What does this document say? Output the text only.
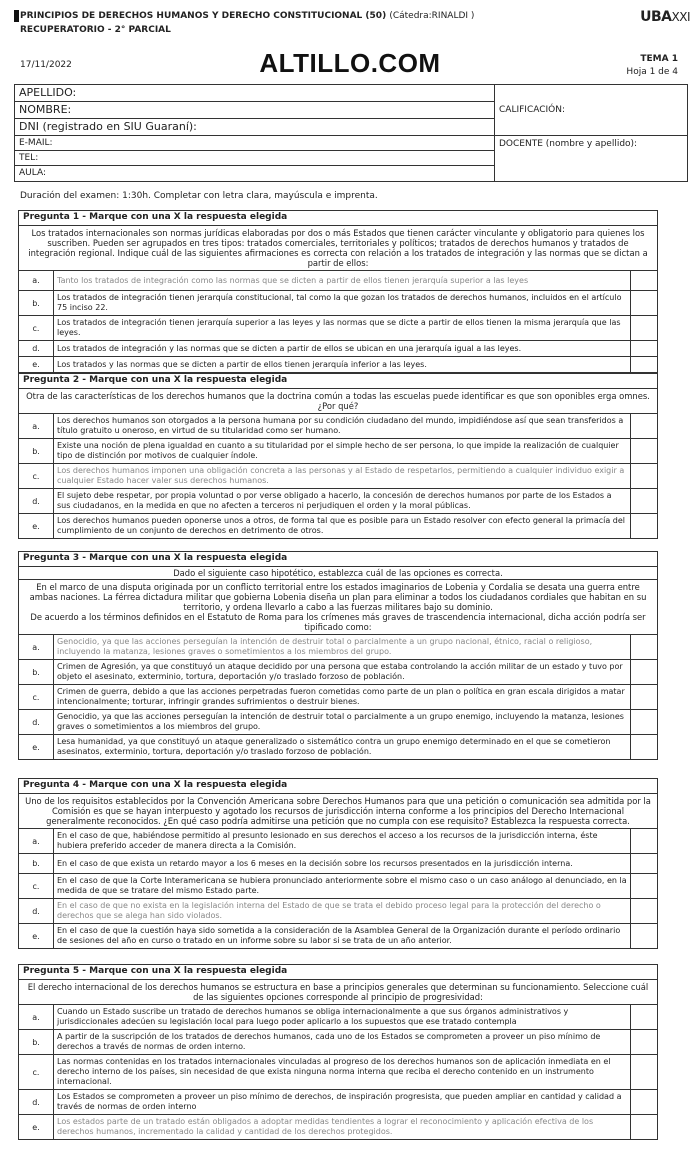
PRINCIPIOS DE DERECHOS HUMANOS Y DERECHO CONSTITUCIONAL (50) (Cátedra:RINALDI )
RECUPERATORIO - 2° PARCIAL
UBAXXI
17/11/2022	ALTILLO.COM	TEMA 1
Hoja 1 de 4
APELLIDO:
NOMBRE:
DNI (registrado en SIU Guaraní):
E-MAIL:
TEL:
AULA:
CALIFICACIÓN:
DOCENTE (nombre y apellido):
Duración del examen: 1:30h. Completar con letra clara, mayúscula e imprenta.
Pregunta 1 - Marque con una X la respuesta elegida
Los tratados internacionales son normas jurídicas elaboradas por dos o más Estados que tienen carácter vinculante y obligatorio para quienes los suscriben. Pueden ser agrupados en tres tipos: tratados comerciales, territoriales y políticos; tratados de derechos humanos y tratados de integración regional. Indique cuál de las siguientes afirmaciones es correcta con relación a los tratados de integración y las normas que se dictan a partir de ellos:
a.	Tanto los tratados de integración como las normas que se dicten a partir de ellos tienen jerarquía superior a las leyes
b.
Los tratados de integración tienen jerarquía constitucional, tal como la que gozan los tratados de derechos humanos, incluidos en el artículo 75 inciso 22.
c.
Los tratados de integración tienen jerarquía superior a las leyes y las normas que se dicte a partir de ellos tienen la misma jerarquía que las leyes.
d.	Los tratados de integración y las normas que se dicten a partir de ellos se ubican en una jerarquía igual a las leyes.
e.	Los tratados y las normas que se dicten a partir de ellos tienen jerarquía inferior a las leyes.
Pregunta 2 - Marque con una X la respuesta elegida
Otra de las características de los derechos humanos que la doctrina común a todas las escuelas puede identificar es que son oponibles erga omnes. ¿Por qué?
a.
Los derechos humanos son otorgados a la persona humana por su condición ciudadano del mundo, impidiéndose así que sean transferidos a título gratuito u oneroso, en virtud de su titularidad como ser humano.
b.
Existe una noción de plena igualdad en cuanto a su titularidad por el simple hecho de ser persona, lo que impide la realización de cualquier tipo de distinción por motivos de cualquier índole.
c.
Los derechos humanos imponen una obligación concreta a las personas y al Estado de respetarlos, permitiendo a cualquier individuo exigir a cualquier Estado hacer valer sus derechos humanos.
d.
El sujeto debe respetar, por propia voluntad o por verse obligado a hacerlo, la concesión de derechos humanos por parte de los Estados a sus ciudadanos, en la medida en que no afecten a terceros ni perjudiquen el orden y la moral públicas.
e.
Los derechos humanos pueden oponerse unos a otros, de forma tal que es posible para un Estado resolver con efecto general la primacía del cumplimiento de un conjunto de derechos en detrimento de otros.
Pregunta 3 - Marque con una X la respuesta elegida
Dado el siguiente caso hipotético, establezca cuál de las opciones es correcta.
En el marco de una disputa originada por un conflicto territorial entre los estados imaginarios de Lobenia y Cordalia se desata una guerra entre ambas naciones. La férrea dictadura militar que gobierna Lobenia diseña un plan para eliminar a todos los ciudadanos cordiales que habitan en su territorio, y ordena llevarlo a cabo a las fuerzas militares bajo su dominio.
De acuerdo a los términos definidos en el Estatuto de Roma para los crímenes más graves de trascendencia internacional, dicha acción podría ser tipificado como:
a.
Genocidio, ya que las acciones perseguían la intención de destruir total o parcialmente a un grupo nacional, étnico, racial o religioso, incluyendo la matanza, lesiones graves o sometimientos a los miembros del grupo.
b.
Crimen de Agresión, ya que constituyó un ataque decidido por una persona que estaba controlando la acción militar de un estado y tuvo por objeto el asesinato, exterminio, tortura, deportación y/o traslado forzoso de población.
c.
Crimen de guerra, debido a que las acciones perpetradas fueron cometidas como parte de un plan o política en gran escala dirigidos a matar intencionalmente; torturar, infringir grandes sufrimientos o destruir bienes.
d.
Genocidio, ya que las acciones perseguían la intención de destruir total o parcialmente a un grupo enemigo, incluyendo la matanza, lesiones graves o sometimientos a los miembros del grupo.
e.
Lesa humanidad, ya que constituyó un ataque generalizado o sistemático contra un grupo enemigo determinado en el que se cometieron asesinatos, exterminio, tortura, deportación y/o traslado forzoso de población.
Pregunta 4 - Marque con una X la respuesta elegida
Uno de los requisitos establecidos por la Convención Americana sobre Derechos Humanos para que una petición o comunicación sea admitida por la Comisión es que se hayan interpuesto y agotado los recursos de jurisdicción interna conforme a los principios del Derecho Internacional generalmente reconocidos. ¿En qué caso podría admitirse una petición que no cumpla con ese requisito? Establezca la respuesta correcta.
a.
En el caso de que, habiéndose permitido al presunto lesionado en sus derechos el acceso a los recursos de la jurisdicción interna, éste hubiera preferido acceder de manera directa a la Comisión.
b.	En el caso de que exista un retardo mayor a los 6 meses en la decisión sobre los recursos presentados en la jurisdicción interna.
c.
En el caso de que la Corte Interamericana se hubiera pronunciado anteriormente sobre el mismo caso o un caso análogo al denunciado, en la medida de que se tratare del mismo Estado parte.
d.
En el caso de que no exista en la legislación interna del Estado de que se trata el debido proceso legal para la protección del derecho o derechos que se alega han sido violados.
e.
En el caso de que la cuestión haya sido sometida a la consideración de la Asamblea General de la Organización durante el período ordinario de sesiones del año en curso o tratado en un informe sobre su labor si se trata de un año anterior.
Pregunta 5 - Marque con una X la respuesta elegida
El derecho internacional de los derechos humanos se estructura en base a principios generales que determinan su funcionamiento. Seleccione cuál de las siguientes opciones corresponde al principio de progresividad:
a.
Cuando un Estado suscribe un tratado de derechos humanos se obliga internacionalmente a que sus órganos administrativos y jurisdiccionales adecúen su legislación local para luego poder aplicarlo a los supuestos que ese tratado contempla
b.
A partir de la suscripción de los tratados de derechos humanos, cada uno de los Estados se comprometen a proveer un piso mínimo de derechos a través de normas de orden interno.
c.
Las normas contenidas en los tratados internacionales vinculadas al progreso de los derechos humanos son de aplicación inmediata en el derecho interno de los países, sin necesidad de que exista ninguna norma interna que reciba el derecho contenido en un instrumento internacional.
d.
Los Estados se comprometen a proveer un piso mínimo de derechos, de inspiración progresista, que pueden ampliar en cantidad y calidad a través de normas de orden interno
e.
Los estados parte de un tratado están obligados a adoptar medidas tendientes a lograr el reconocimiento y aplicación efectiva de los derechos humanos, incrementado la calidad y cantidad de los derechos protegidos.
